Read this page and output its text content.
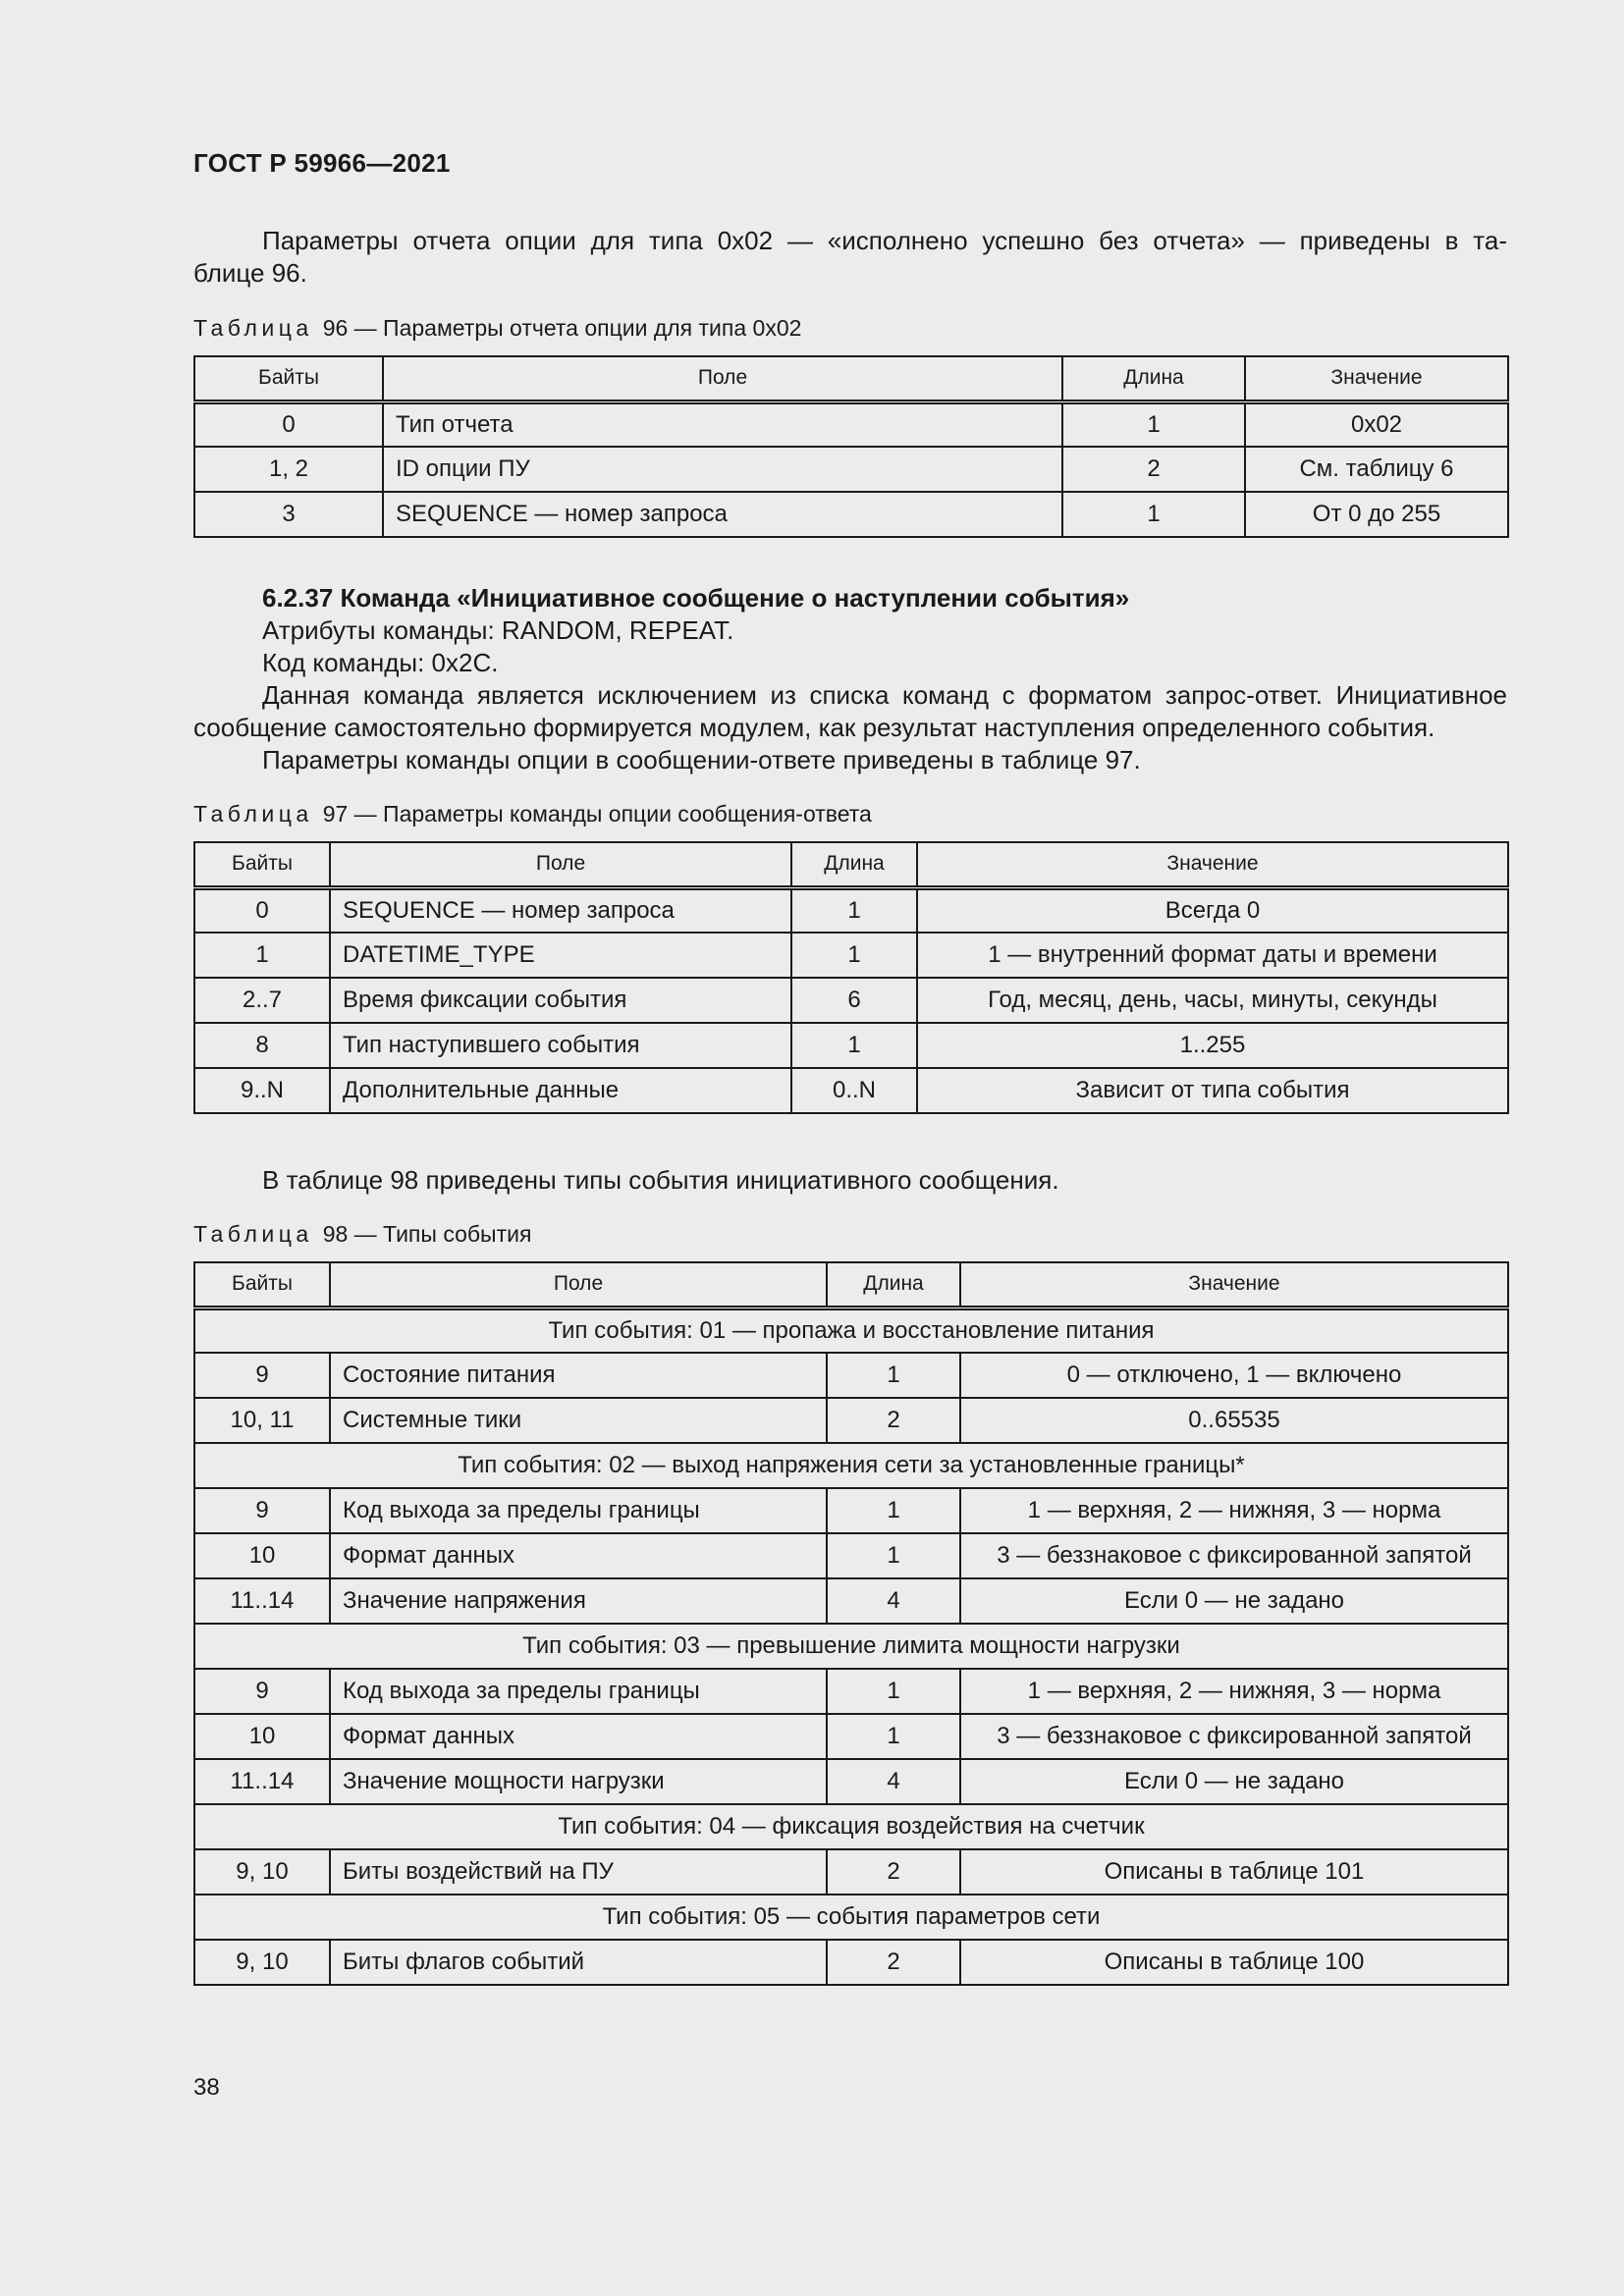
ГОСТ Р 59966—2021
Параметры отчета опции для типа 0x02 — «исполнено успешно без отчета» — приведены в та-
блице 96.
Таблица 96 — Параметры отчета опции для типа 0x02
Байты	Поле	Длина	Значение
0	Тип отчета	1	0x02
1, 2	ID опции ПУ	2	См. таблицу 6
3	SEQUENCE — номер запроса	1	От 0 до 255
6.2.37 Команда «Инициативное сообщение о наступлении события»
Атрибуты команды: RANDOM, REPEAT.
Код команды: 0x2C.
Данная команда является исключением из списка команд с форматом запрос-ответ. Инициативное
сообщение самостоятельно формируется модулем, как результат наступления определенного события.
Параметры команды опции в сообщении-ответе приведены в таблице 97.
Таблица 97 — Параметры команды опции сообщения-ответа
Байты	Поле	Длина	Значение
0	SEQUENCE — номер запроса	1	Всегда 0
1	DATETIME_TYPE	1	1 — внутренний формат даты и времени
2..7	Время фиксации события	6	Год, месяц, день, часы, минуты, секунды
8	Тип наступившего события	1	1..255
9..N	Дополнительные данные	0..N	Зависит от типа события
В таблице 98 приведены типы события инициативного сообщения.
Таблица 98 — Типы события
Байты	Поле	Длина	Значение
Тип события: 01 — пропажа и восстановление питания			
9	Состояние питания	1	0 — отключено, 1 — включено
10, 11	Системные тики	2	0..65535
Тип события: 02 — выход напряжения сети за установленные границы*			
9	Код выхода за пределы границы	1	1 — верхняя, 2 — нижняя, 3 — норма
10	Формат данных	1	3 — беззнаковое с фиксированной запятой
11..14	Значение напряжения	4	Если 0 — не задано
Тип события: 03 — превышение лимита мощности нагрузки			
9	Код выхода за пределы границы	1	1 — верхняя, 2 — нижняя, 3 — норма
10	Формат данных	1	3 — беззнаковое с фиксированной запятой
11..14	Значение мощности нагрузки	4	Если 0 — не задано
Тип события: 04 — фиксация воздействия на счетчик			
9, 10	Биты воздействий на ПУ	2	Описаны в таблице 101
Тип события: 05 — события параметров сети			
9, 10	Биты флагов событий	2	Описаны в таблице 100
38
